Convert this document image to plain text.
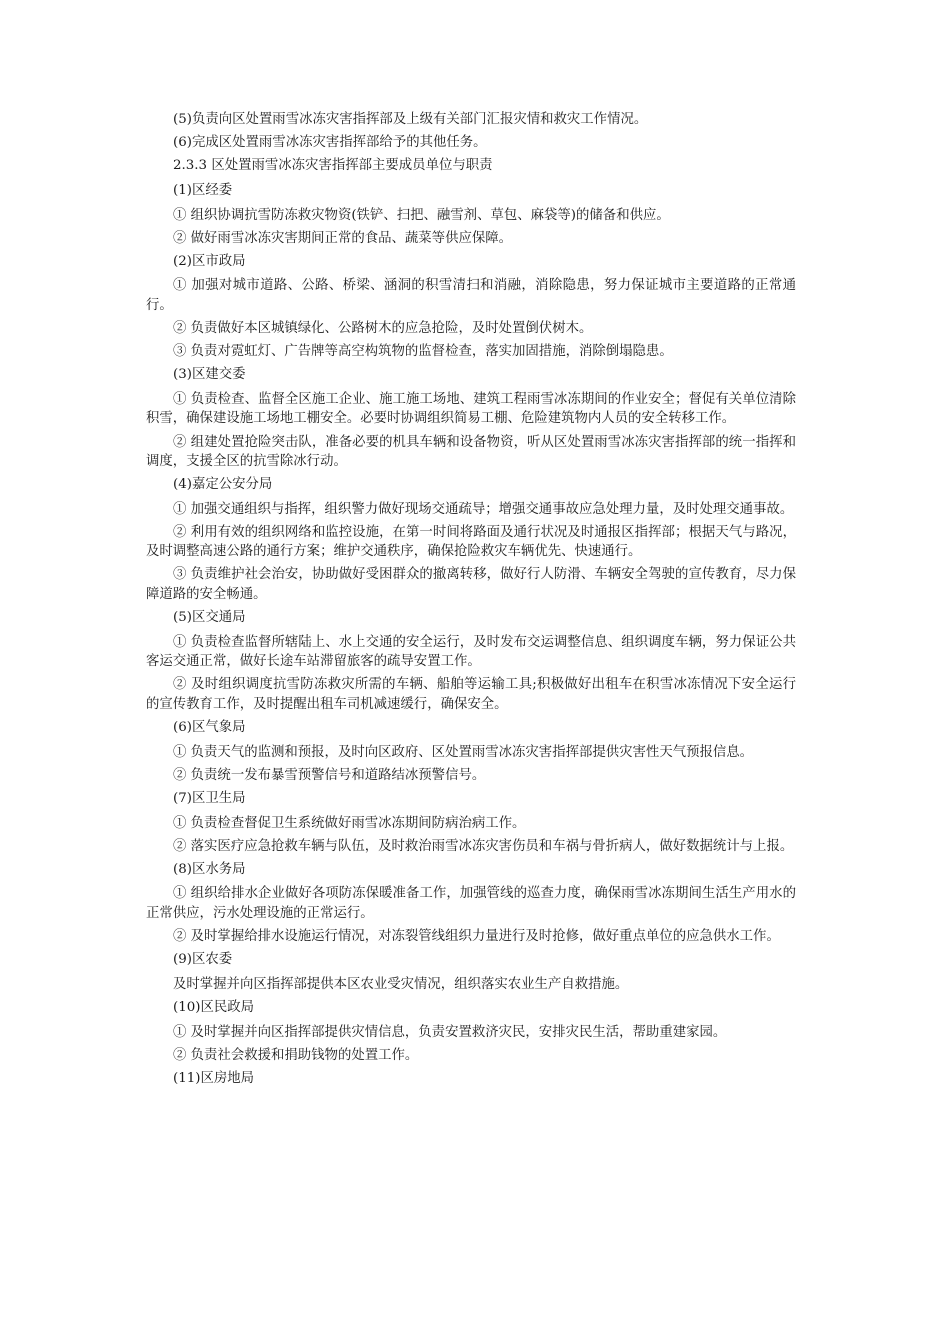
(5)负责向区处置雨雪冰冻灾害指挥部及上级有关部门汇报灾情和救灾工作情况。

(6)完成区处置雨雪冰冻灾害指挥部给予的其他任务。

2.3.3 区处置雨雪冰冻灾害指挥部主要成员单位与职责

(1)区经委

① 组织协调抗雪防冻救灾物资(铁铲、扫把、融雪剂、草包、麻袋等)的储备和供应。

② 做好雨雪冰冻灾害期间正常的食品、蔬菜等供应保障。

(2)区市政局

① 加强对城市道路、公路、桥梁、涵洞的积雪清扫和消融，消除隐患，努力保证城市主要道路的正常通行。

② 负责做好本区城镇绿化、公路树木的应急抢险，及时处置倒伏树木。

③ 负责对霓虹灯、广告牌等高空构筑物的监督检查，落实加固措施，消除倒塌隐患。

(3)区建交委

① 负责检查、监督全区施工企业、施工施工场地、建筑工程雨雪冰冻期间的作业安全；督促有关单位清除积雪，确保建设施工场地工棚安全。必要时协调组织简易工棚、危险建筑物内人员的安全转移工作。

② 组建处置抢险突击队，准备必要的机具车辆和设备物资，听从区处置雨雪冰冻灾害指挥部的统一指挥和调度，支援全区的抗雪除冰行动。

(4)嘉定公安分局

① 加强交通组织与指挥，组织警力做好现场交通疏导；增强交通事故应急处理力量，及时处理交通事故。

② 利用有效的组织网络和监控设施，在第一时间将路面及通行状况及时通报区指挥部；根据天气与路况，及时调整高速公路的通行方案；维护交通秩序，确保抢险救灾车辆优先、快速通行。

③ 负责维护社会治安，协助做好受困群众的撤离转移，做好行人防滑、车辆安全驾驶的宣传教育，尽力保障道路的安全畅通。

(5)区交通局

① 负责检查监督所辖陆上、水上交通的安全运行，及时发布交运调整信息、组织调度车辆，努力保证公共客运交通正常，做好长途车站滞留旅客的疏导安置工作。

② 及时组织调度抗雪防冻救灾所需的车辆、船舶等运输工具;积极做好出租车在积雪冰冻情况下安全运行的宣传教育工作，及时提醒出租车司机减速缓行，确保安全。

(6)区气象局

① 负责天气的监测和预报，及时向区政府、区处置雨雪冰冻灾害指挥部提供灾害性天气预报信息。

② 负责统一发布暴雪预警信号和道路结冰预警信号。

(7)区卫生局

① 负责检查督促卫生系统做好雨雪冰冻期间防病治病工作。

② 落实医疗应急抢救车辆与队伍，及时救治雨雪冰冻灾害伤员和车祸与骨折病人，做好数据统计与上报。

(8)区水务局

① 组织给排水企业做好各项防冻保暖准备工作，加强管线的巡查力度，确保雨雪冰冻期间生活生产用水的正常供应，污水处理设施的正常运行。

② 及时掌握给排水设施运行情况，对冻裂管线组织力量进行及时抢修，做好重点单位的应急供水工作。

(9)区农委

及时掌握并向区指挥部提供本区农业受灾情况，组织落实农业生产自救措施。

(10)区民政局

① 及时掌握并向区指挥部提供灾情信息，负责安置救济灾民，安排灾民生活，帮助重建家园。

② 负责社会救援和捐助钱物的处置工作。

(11)区房地局
